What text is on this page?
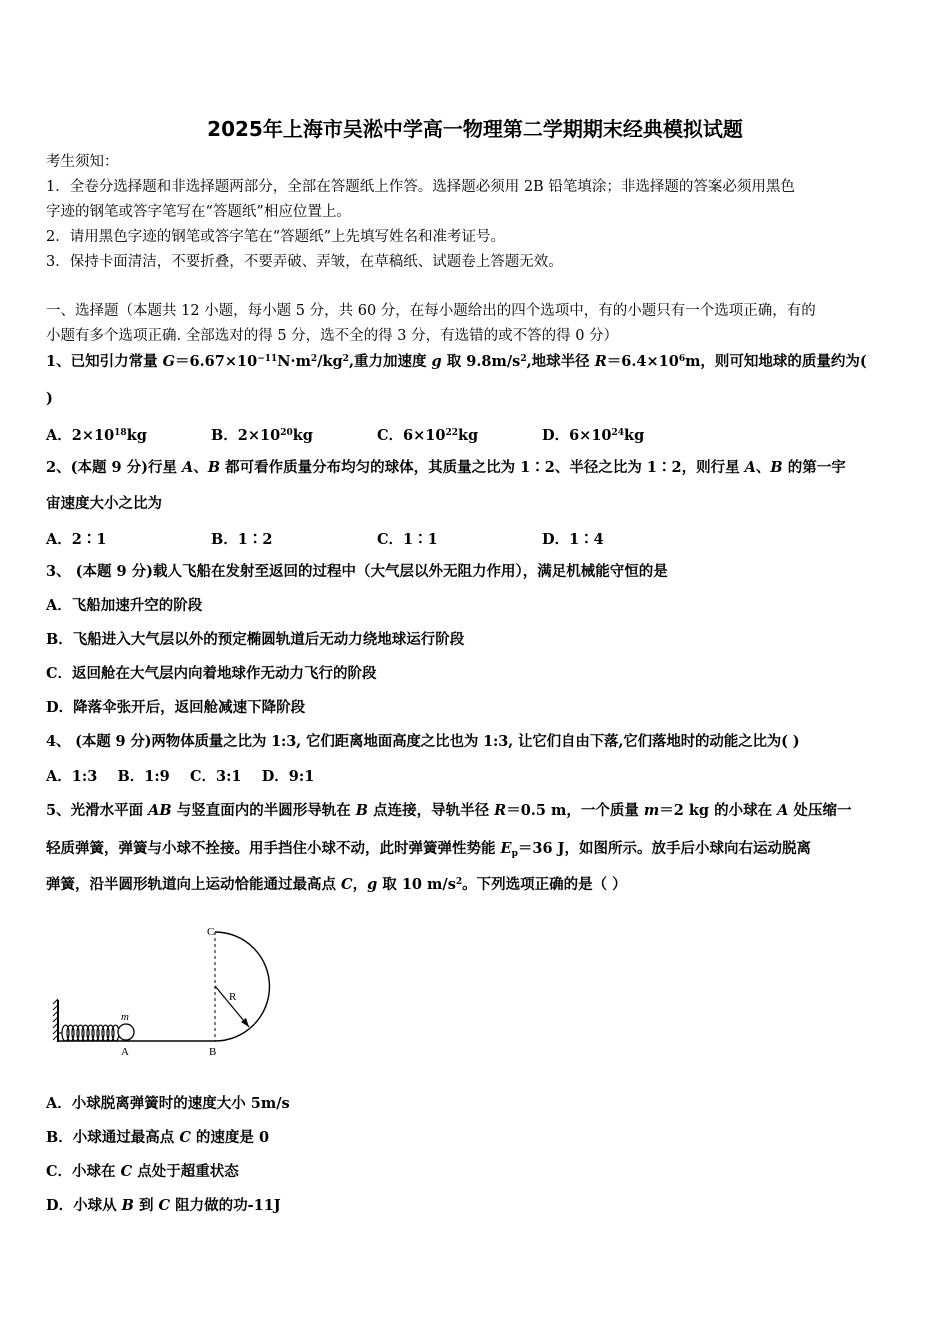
2025年上海市吴淞中学高一物理第二学期期末经典模拟试题
考生须知：
1．全卷分选择题和非选择题两部分，全部在答题纸上作答。选择题必须用 2B 铅笔填涂；非选择题的答案必须用黑色
字迹的钢笔或答字笔写在“答题纸”相应位置上。
2．请用黑色字迹的钢笔或答字笔在“答题纸”上先填写姓名和准考证号。
3．保持卡面清洁，不要折叠，不要弄破、弄皱，在草稿纸、试题卷上答题无效。
一、选择题（本题共 12 小题，每小题 5 分，共 60 分，在每小题给出的四个选项中，有的小题只有一个选项正确，有的
小题有多个选项正确. 全部选对的得 5 分，选不全的得 3 分，有选错的或不答的得 0 分）
1、已知引力常量 $G=6.67\times 10^{-11}N\cdot m^2/kg^2$,重力加速度 g 取 $9.8m/s^2$,地球半径 $R=6.4\times 10^6m$，则可知地球的质量约为(
)
A．$2\times 10^{18}kg$	B．$2\times 10^{20}kg$	C．$6\times 10^{22}kg$	D．$6\times 10^{24}kg$
2、(本题 9 分)行星 A、B 都可看作质量分布均匀的球体，其质量之比为 1∶2、半径之比为 1∶2，则行星 A、B 的第一宇
宙速度大小之比为
A．2∶1	B．1∶2	C．1∶1	D．1∶4
3、 (本题 9 分)载人飞船在发射至返回的过程中（大气层以外无阻力作用），满足机械能守恒的是
A．飞船加速升空的阶段
B．飞船进入大气层以外的预定椭圆轨道后无动力绕地球运行阶段
C．返回舱在大气层内向着地球作无动力飞行的阶段
D．降落伞张开后，返回舱减速下降阶段
4、 (本题 9 分)两物体质量之比为 1:3, 它们距离地面高度之比也为 1:3, 让它们自由下落,它们落地时的动能之比为( )
A．1:3    B．1:9    C．3:1    D．9:1
5、光滑水平面 AB 与竖直面内的半圆形导轨在 B 点连接，导轨半径 R＝0.5 m，一个质量 m＝2 kg 的小球在 A 处压缩一
轻质弹簧，弹簧与小球不拴接。用手挡住小球不动，此时弹簧弹性势能 $E_p=36$ J，如图所示。放手后小球向右运动脱离
弹簧，沿半圆形轨道向上运动恰能通过最高点 C，g 取 10 $m/s^2$。下列选项正确的是（ ）
C
R
m
A	B
A．小球脱离弹簧时的速度大小 5m/s
B．小球通过最高点 C 的速度是 0
C．小球在 C 点处于超重状态
D．小球从 B 到 C 阻力做的功-11J
